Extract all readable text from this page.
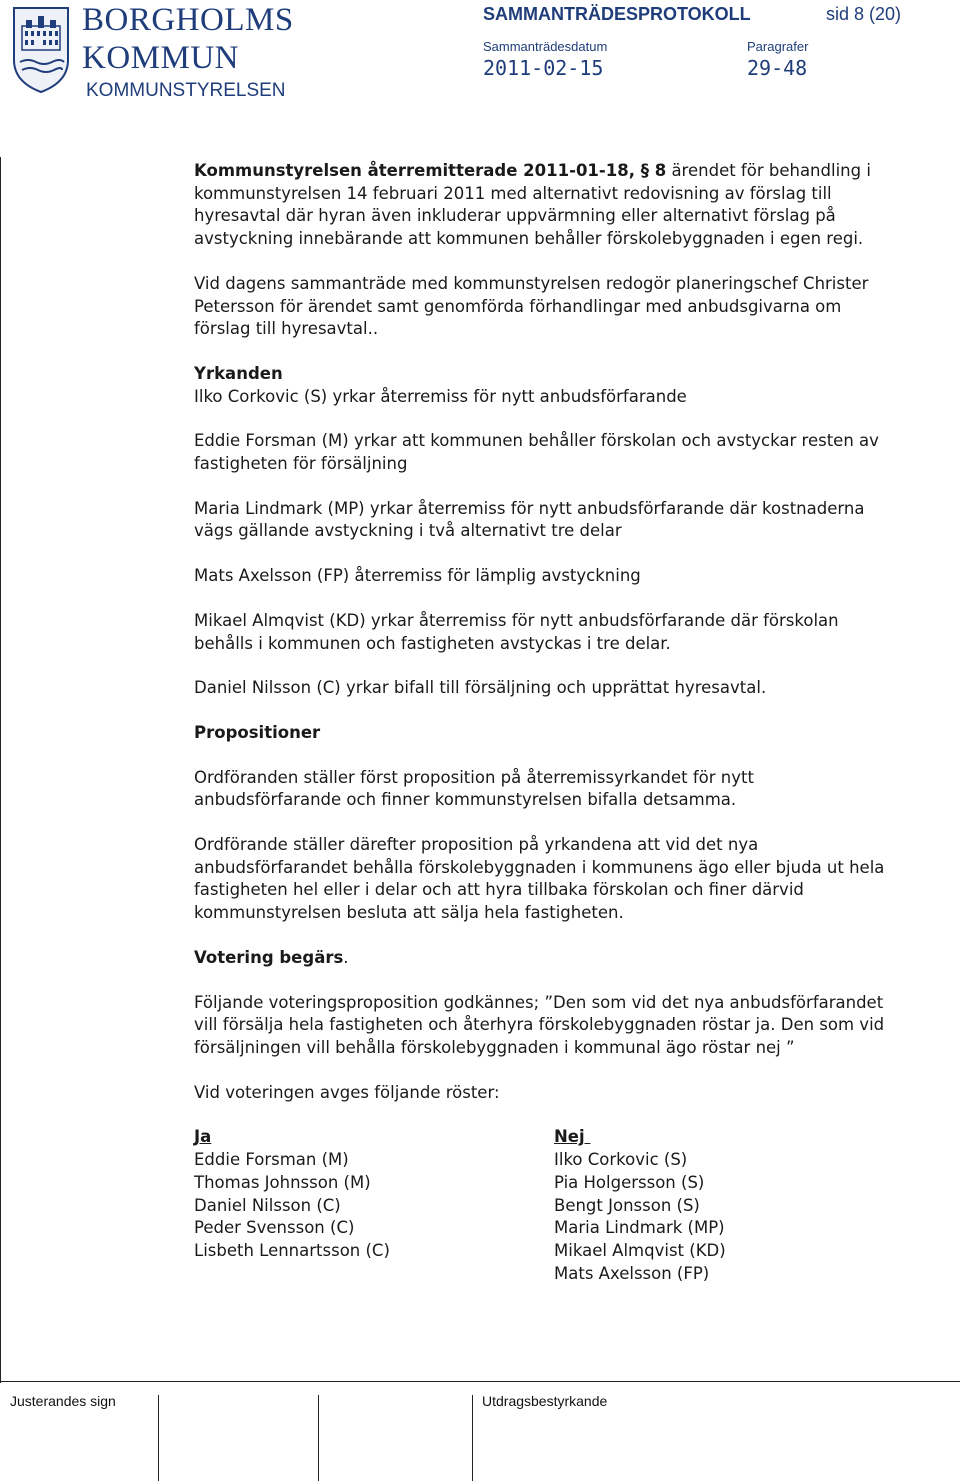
BORGHOLMS
KOMMUN
KOMMUNSTYRELSEN
SAMMANTRÄDESPROTOKOLL	sid 8 (20)
Sammanträdesdatum
2011-02-15
Paragrafer
29-48

Kommunstyrelsen återremitterade 2011-01-18, § 8 ärendet för behandling i kommunstyrelsen 14 februari 2011 med alternativt redovisning av förslag till hyresavtal där hyran även inkluderar uppvärmning eller alternativt förslag på avstyckning innebärande att kommunen behåller förskolebyggnaden i egen regi.

Vid dagens sammanträde med kommunstyrelsen redogör planeringschef Christer Petersson för ärendet samt genomförda förhandlingar med anbudsgivarna om förslag till hyresavtal..

Yrkanden

Ilko Corkovic (S) yrkar återremiss för nytt anbudsförfarande

Eddie Forsman (M) yrkar att kommunen behåller förskolan och avstyckar resten av fastigheten för försäljning

Maria Lindmark (MP) yrkar återremiss för nytt anbudsförfarande där kostnaderna vägs gällande avstyckning i två alternativt tre delar

Mats Axelsson (FP) återremiss för lämplig avstyckning

Mikael Almqvist (KD) yrkar återremiss för nytt anbudsförfarande där förskolan behålls i kommunen och fastigheten avstyckas i tre delar.

Daniel Nilsson (C) yrkar bifall till försäljning och upprättat hyresavtal.

Propositioner

Ordföranden ställer först proposition på återremissyrkandet för nytt anbudsförfarande och finner kommunstyrelsen bifalla detsamma.

Ordförande ställer därefter proposition på yrkandena att vid det nya anbudsförfarandet behålla förskolebyggnaden i kommunens ägo eller bjuda ut hela fastigheten hel eller i delar och att hyra tillbaka förskolan och finer därvid kommunstyrelsen besluta att sälja hela fastigheten.

Votering begärs.

Följande voteringsproposition godkännes; ”Den som vid det nya anbudsförfarandet vill försälja hela fastigheten och återhyra förskolebyggnaden röstar ja. Den som vid försäljningen vill behålla förskolebyggnaden i kommunal ägo röstar nej ”

Vid voteringen avges följande röster:

Ja
Eddie Forsman (M)
Thomas Johnsson (M)
Daniel Nilsson (C)
Peder Svensson (C)
Lisbeth Lennartsson (C)
Nej
Ilko Corkovic (S)
Pia Holgersson (S)
Bengt Jonsson (S)
Maria Lindmark (MP)
Mikael Almqvist (KD)
Mats Axelsson (FP)
Justerandes sign	Utdragsbestyrkande
